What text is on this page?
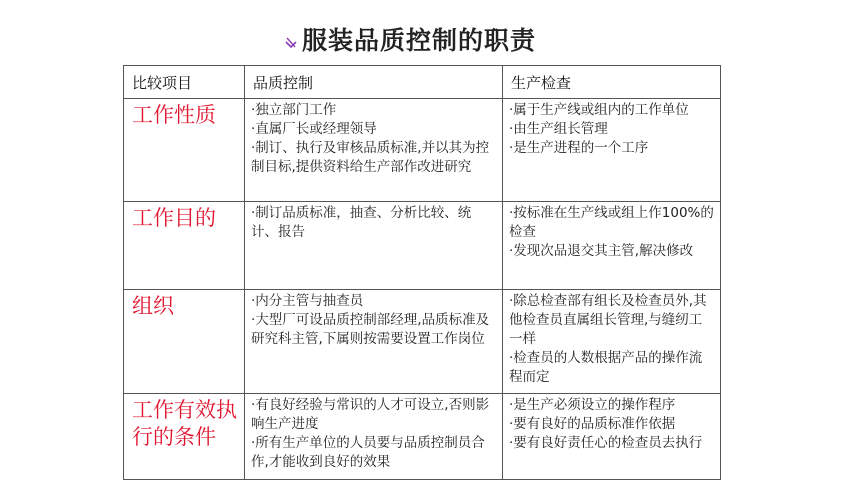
服装品质控制的职责
比较项目	品质控制	生产检查
工作性质	·独立部门工作
·直属厂长或经理领导
·制订、执行及审核品质标准,并以其为控制目标,提供资料给生产部作改进研究	·属于生产线或组内的工作单位
·由生产组长管理
·是生产进程的一个工序

工作目的	·制订品质标准，抽查、分析比较、统计、报告	·按标准在生产线或组上作100%的检查
·发现次品退交其主管,解决修改

组织	·内分主管与抽查员
·大型厂可设品质控制部经理,品质标准及研究科主管,下属则按需要设置工作岗位	·除总检查部有组长及检查员外,其他检查员直属组长管理,与缝纫工一样
·检查员的人数根据产品的操作流程而定

工作有效执行的条件	·有良好经验与常识的人才可设立,否则影响生产进度
·所有生产单位的人员要与品质控制员合作,才能收到良好的效果	·是生产必须设立的操作程序
·要有良好的品质标准作依据
·要有良好责任心的检查员去执行
